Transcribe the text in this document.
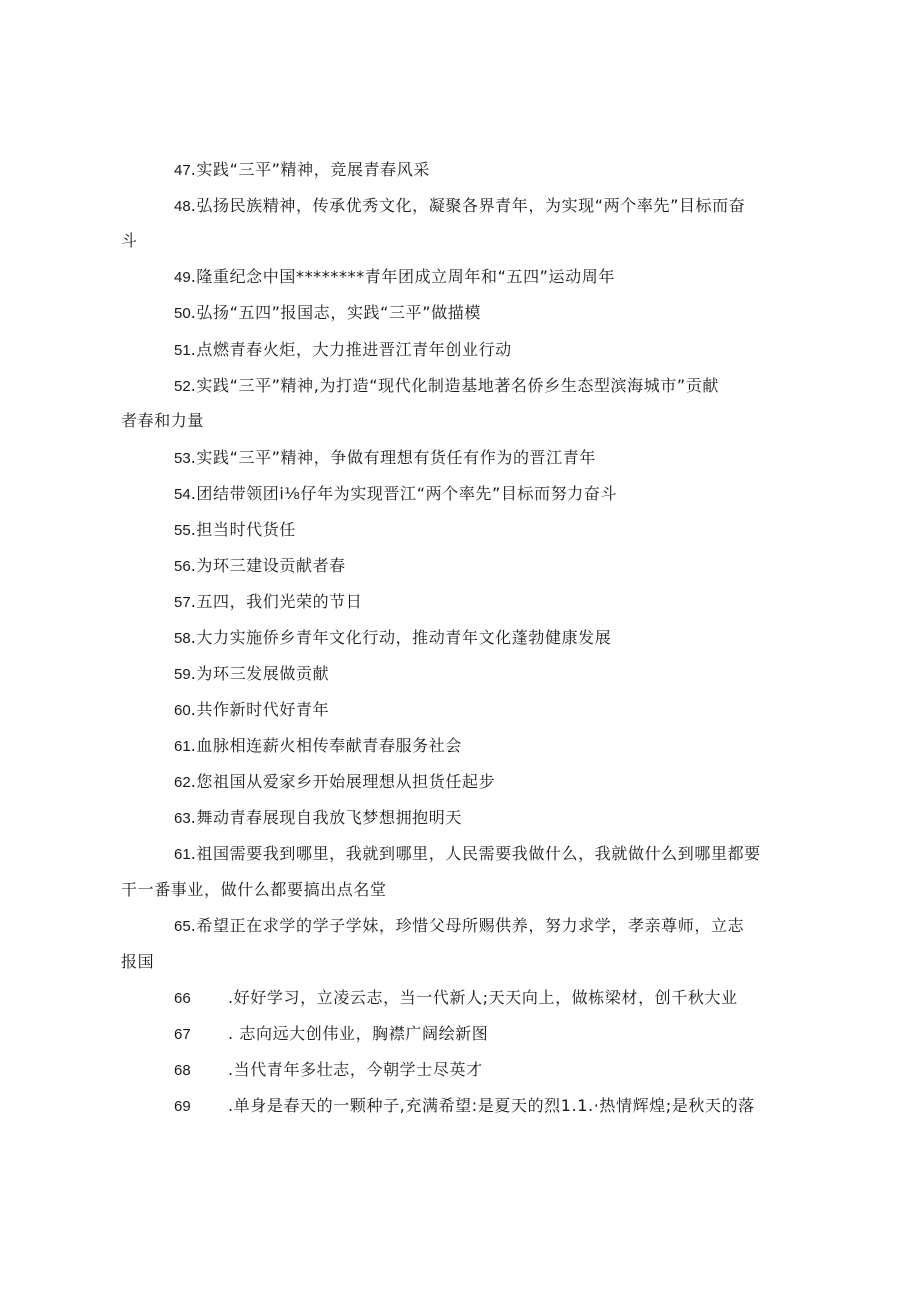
47.实践“三平”精神，竞展青春风采
48.弘扬民族精神，传承优秀文化，凝聚各界青年，为实现“两个率先”目标而奋
斗
49.隆重纪念中国********青年团成立周年和“五四”运动周年
50.弘扬“五四”报国志，实践“三平”做描模
51.点燃青春火炬，大力推进晋江青年创业行动
52.实践“三平”精神,为打造“现代化制造基地著名侨乡生态型滨海城市”贡献
者春和力量
53.实践“三平”精神，争做有理想有货任有作为的晋江青年
54.团结带领团i⅛仔年为实现晋江“两个率先”目标而努力奋斗
55.担当时代货任
56.为环三建设贡献者春
57.五四，我们光荣的节日
58.大力实施侨乡青年文化行动，推动青年文化蓬勃健康发展
59.为环三发展做贡献
60.共作新时代好青年
61.血脉相连薪火相传奉献青春服务社会
62.您祖国从爱家乡开始展理想从担货任起步
63.舞动青春展现自我放飞梦想拥抱明天
61.祖国需要我到哪里，我就到哪里，人民需要我做什么，我就做什么到哪里都要
干一番事业，做什么都要搞出点名堂
65.希望正在求学的学子学妹，珍惜父母所赐供养，努力求学，孝亲尊师，立志
报国
66 .好好学习，立凌云志，当一代新人;天天向上，做栋梁材，创千秋大业
67 . 志向远大创伟业，胸襟广阔绘新图
68 .当代青年多壮志，今朝学士尽英才
69 .单身是春天的一颗种子,充满希望:是夏天的烈1.1.·热情辉煌;是秋天的落
